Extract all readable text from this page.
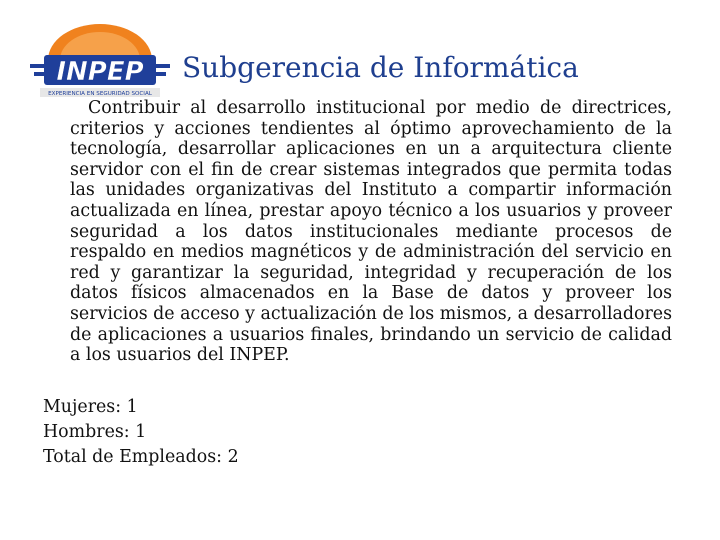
INPEP
EXPERIENCIA EN SEGURIDAD SOCIAL
Subgerencia de Informática

Contribuir al desarrollo institucional por medio de directrices, criterios y acciones tendientes al óptimo aprovechamiento de la tecnología, desarrollar aplicaciones en un a arquitectura cliente servidor con el fin de crear sistemas integrados que permita todas las unidades organizativas del Instituto a compartir información actualizada en línea, prestar apoyo técnico a los usuarios y proveer seguridad a los datos institucionales mediante procesos de respaldo en medios magnéticos y de administración del servicio en red y garantizar la seguridad, integridad y recuperación de los datos físicos almacenados en la Base de datos y proveer los servicios de acceso y actualización de los mismos, a desarrolladores de aplicaciones a usuarios finales, brindando un servicio de calidad a los usuarios del INPEP.

Mujeres: 1
Hombres: 1
Total de Empleados: 2
